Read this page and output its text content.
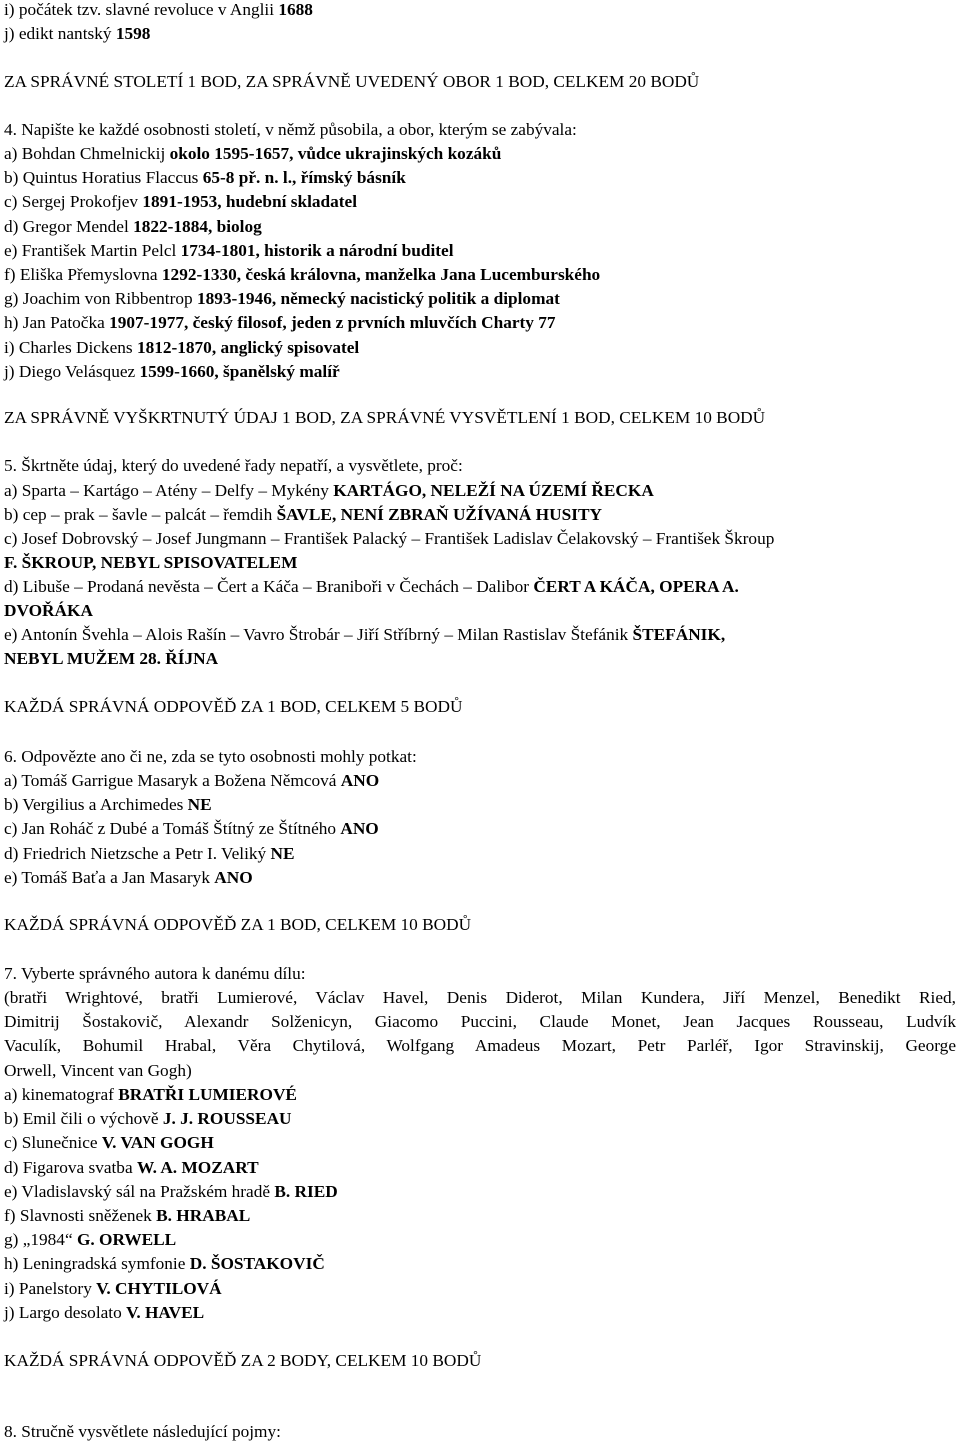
i) počátek tzv. slavné revoluce v Anglii 1688
j) edikt nantský 1598
ZA SPRÁVNÉ STOLETÍ 1 BOD, ZA SPRÁVNĚ UVEDENÝ OBOR 1 BOD, CELKEM 20 BODŮ
4. Napište ke každé osobnosti století, v němž působila, a obor, kterým se zabývala:
a) Bohdan Chmelnickij okolo 1595-1657, vůdce ukrajinských kozáků
b) Quintus Horatius Flaccus 65-8 př. n. l., římský básník
c) Sergej Prokofjev 1891-1953, hudební skladatel
d) Gregor Mendel 1822-1884, biolog
e) František Martin Pelcl 1734-1801, historik a národní buditel
f) Eliška Přemyslovna 1292-1330, česká královna, manželka Jana Lucemburského
g) Joachim von Ribbentrop 1893-1946, německý nacistický politik a diplomat
h) Jan Patočka 1907-1977, český filosof, jeden z prvních mluvčích Charty 77
i) Charles Dickens 1812-1870, anglický spisovatel
j) Diego Velásquez 1599-1660, španělský malíř
ZA SPRÁVNĚ VYŠKRTNUTÝ ÚDAJ 1 BOD, ZA SPRÁVNÉ VYSVĚTLENÍ 1 BOD, CELKEM 10 BODŮ
5. Škrtněte údaj, který do uvedené řady nepatří, a vysvětlete, proč:
a) Sparta – Kartágo – Atény – Delfy – Mykény KARTÁGO, NELEŽÍ NA ÚZEMÍ ŘECKA
b) cep – prak – šavle – palcát – řemdih ŠAVLE, NENÍ ZBRAŇ UŽÍVANÁ HUSITY
c) Josef Dobrovský – Josef Jungmann – František Palacký – František Ladislav Čelakovský – František Škroup
F. ŠKROUP, NEBYL SPISOVATELEM
d) Libuše – Prodaná nevěsta – Čert a Káča – Braniboři v Čechách – Dalibor ČERT A KÁČA, OPERA A.
DVOŘÁKA
e) Antonín Švehla – Alois Rašín – Vavro Štrobár – Jiří Stříbrný – Milan Rastislav Štefánik ŠTEFÁNIK,
NEBYL MUŽEM 28. ŘÍJNA
KAŽDÁ SPRÁVNÁ ODPOVĚĎ ZA 1 BOD, CELKEM 5 BODŮ
6. Odpovězte ano či ne, zda se tyto osobnosti mohly potkat:
a) Tomáš Garrigue Masaryk a Božena Němcová ANO
b) Vergilius a Archimedes NE
c) Jan Roháč z Dubé a Tomáš Štítný ze Štítného ANO
d) Friedrich Nietzsche a Petr I. Veliký NE
e) Tomáš Baťa a Jan Masaryk ANO
KAŽDÁ SPRÁVNÁ ODPOVĚĎ ZA 1 BOD, CELKEM 10 BODŮ
7. Vyberte správného autora k danému dílu:
(bratři Wrightové, bratři Lumierové, Václav Havel, Denis Diderot, Milan Kundera, Jiří Menzel, Benedikt Ried,
Dimitrij Šostakovič, Alexandr Solženicyn, Giacomo Puccini, Claude Monet, Jean Jacques Rousseau, Ludvík
Vaculík, Bohumil Hrabal, Věra Chytilová, Wolfgang Amadeus Mozart, Petr Parléř, Igor Stravinskij, George
Orwell, Vincent van Gogh)
a) kinematograf BRATŘI LUMIEROVÉ
b) Emil čili o výchově J. J. ROUSSEAU
c) Slunečnice V. VAN GOGH
d) Figarova svatba W. A. MOZART
e) Vladislavský sál na Pražském hradě B. RIED
f) Slavnosti sněženek B. HRABAL
g) „1984“ G. ORWELL
h) Leningradská symfonie D. ŠOSTAKOVIČ
i) Panelstory V. CHYTILOVÁ
j) Largo desolato V. HAVEL
KAŽDÁ SPRÁVNÁ ODPOVĚĎ ZA 2 BODY, CELKEM 10 BODŮ
8. Stručně vysvětlete následující pojmy:
